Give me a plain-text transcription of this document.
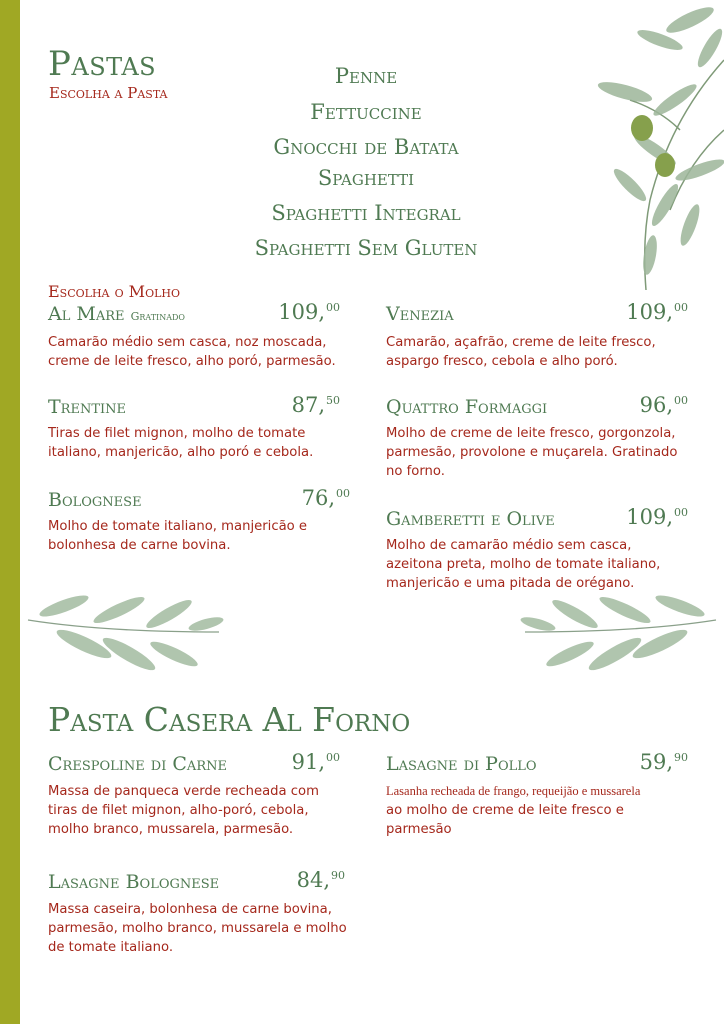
Pastas
Escolha a Pasta
Penne
Fettuccine
Gnocchi de Batata
Spaghetti
Spaghetti Integral
Spaghetti Sem Gluten
Escolha o Molho
Al Mare Gratinado	109,00
Camarão médio sem casca, noz moscada, creme de leite fresco, alho poró, parmesão.
Trentine	87,50
Tiras de filet mignon, molho de tomate italiano, manjericão, alho poró e cebola.
Bolognese	76,00
Molho de tomate italiano, manjericão e bolonhesa de carne bovina.
Venezia	109,00
Camarão, açafrão, creme de leite fresco, aspargo fresco, cebola e alho poró.
Quattro Formaggi	96,00
Molho de creme de leite fresco, gorgonzola, parmesão, provolone e muçarela. Gratinado no forno.
Gamberetti e Olive	109,00
Molho de camarão médio sem casca, azeitona preta, molho de tomate italiano, manjericão e uma pitada de orégano.
Pasta Casera Al Forno
Crespoline di Carne	91,00
Massa de panqueca verde recheada com tiras de filet mignon, alho-poró, cebola, molho branco, mussarela, parmesão.
Lasagne Bolognese	84,90
Massa caseira, bolonhesa de carne bovina, parmesão, molho branco, mussarela e molho de tomate italiano.
Lasagne di Pollo	59,90
Lasanha recheada de frango, requeijão e mussarela
ao molho de creme de leite fresco e parmesão
